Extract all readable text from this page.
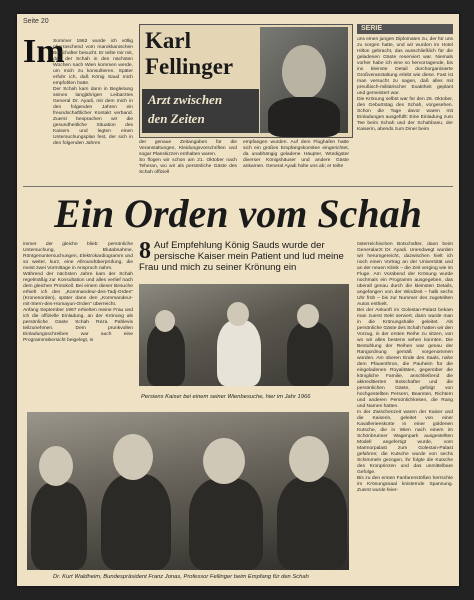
Seite 20
Im
Sommer 1962 wurde ich völlig überraschend vom marokkanischen Botschafter besucht. Er teilte mir mit, daß der Schah in den nächsten Wochen nach Wien kommen werde, um mich zu konsultieren. Später erfuhr ich, daß König Saud mich empfohlen hatte.
Der Schah kam dann in Begleitung seines langjährigen Leibarztes General Dr. Ayadi, mit dem mich in den folgenden Jahren ein freundschaftlicher Kontakt verband. Zuerst besprachen wir die gesundheitliche Situation des Kaisers und legten einen Untersuchungsplan fest, der sich in den folgenden Jahren
Karl
Fellinger
Arzt zwischen
den Zeiten
SERIE
uns einen jungen Diplomaten zu, der für uns zu sorgen hatte, und wir wurden im Hotel Hilton gebracht, das ausschließlich für die geladenen Gäste reserviert war. Niemals vorher habe ich eine so hervorragende, bis ins kleinste Detail durchorganisierte Großveranstaltung erlebt wie diese. Fast ist man versucht zu sagen, daß alles mit preußisch-militärischer Exaktheit geplant und gemeistert war.
Die Krönung selbst war für den 26. Oktober, den Geburtstag des Schah, vorgesehen. Schon die Tage davor waren mit Einladungen ausgefüllt: Eine Einladung zum Tee beim Schah und der Schahbanu, der Kaiserin, abends zum Diner beim
der genaue Zeitangaben für die Veranstaltungen, Kleidungsvorschriften und sogar Planskizzen enthalten waren.
So flogen wir schon am 21. Oktober nach Teheran, wo wir als persönliche Gäste des Schah offiziell
empfangen wurden. Auf dem Flughafen hatte sich ein großes Empfangskomitee eingerichtet, da unabhängig geladene Häupter, Würdigster diverser Königshäuser und andere Gäste ankamen. General Ayadi holte uns ab; er teilte
Ein Orden vom Schah
immer der gleiche blieb: persönliche Untersuchung, Blutabnahme, Röntgenuntersuchungen, Elektrokardiogramm und so weiter, kurz, eine Allroundüberprüfung, die meist zwei Vormittage in Anspruch nahm.
Während der nächsten Jahre kam der Schah regelmäßig zur Konsultation und alles verlief nach dem gleichen Protokoll. Bei einem dieser Besuche erhielt ich den „Kommandeur-des-Tadj-Orden“ (Kronenorden), später dann den „Kommandeur-mit-Stern-des-Homayun-Orden“ überreicht.
Anfang September 1967 erhielten meine Frau und ich die offizielle Einladung, an der Krönung als persönliche Gäste Schah Reza Pahlevis teilzunehmen. Dem prunkvollen Einladungsschreiben war auch eine Programmübersicht beigelegt, in
8 Auf Empfehlung König Sauds wurde der persische Kaiser mein Patient und lud meine Frau und mich zu seiner Krönung ein
Persiens Kaiser bei einem seiner Wienbesuche, hier im Jahr 1966
österreichischen Botschafter, dann beim Generalarzt Dr. Ayadi. Unendwegt wurden wir herumgereicht, dazwischen hielt ich noch einen Vortrag an der Universität und an der neuen Klinik – die Zeit verging wie im Fluge. Am Vorabend der Krönung wurde nochmals ein Programm ausgegeben, das überall genau durch die kleinsten Details, angefangen von der Windzeit – halb sechs Uhr früh – bis zur Nummer des zugeteilten Autos enthielt.
Bei der Ankunft im Golestan-Palast bekam man zuerst Sekt serviert, dann wurde man in die Krönungshalle geleitet. Als persönliche Gäste des Schah hatten wir den Vorzug, in der ersten Reihe zu sitzen, von wo wir alles bestens sehen konnten. Die Bestuhlung der Reihen war genau der Rangordnung gemäß vorgenommen worden. Am oberen Ende des Saals, nahe dem Pfauenthron, die Pauheim für die eingeladenen Royalitäten, gegenüber die königliche Familie, anschließend die akkreditierten Botschafter und die persönlichen Gäste, gefolgt von hochgestellten Persern, Beamten, Richtern und anderen Persönlichkeiten, die Rang und Namen hatten.
In der Zwischenzeit waren der Kaiser und die Kaiserin, geleitet von einer Kavallerieeskorte in einer goldenen Kutsche, die in Wien nach einem im Schönbrunner Wagenpark ausgestellten Modell angefertigt wurde, vom Marmorpalast zum Golestan-Palast gefahren; die Kutsche wurde von sechs Schimmeln gezogen, ihr folgte die Kutsche des Kronprinzen und das unmittelbare Gefolge.
Bis zu den ersten Fanfarenstößen herrschte im Krönungssaal knisternde Spannung. Zuerst wurde feier-
Dr. Kurt Waldheim, Bundespräsident Franz Jonas, Professor Fellinger beim Empfang für den Schah
